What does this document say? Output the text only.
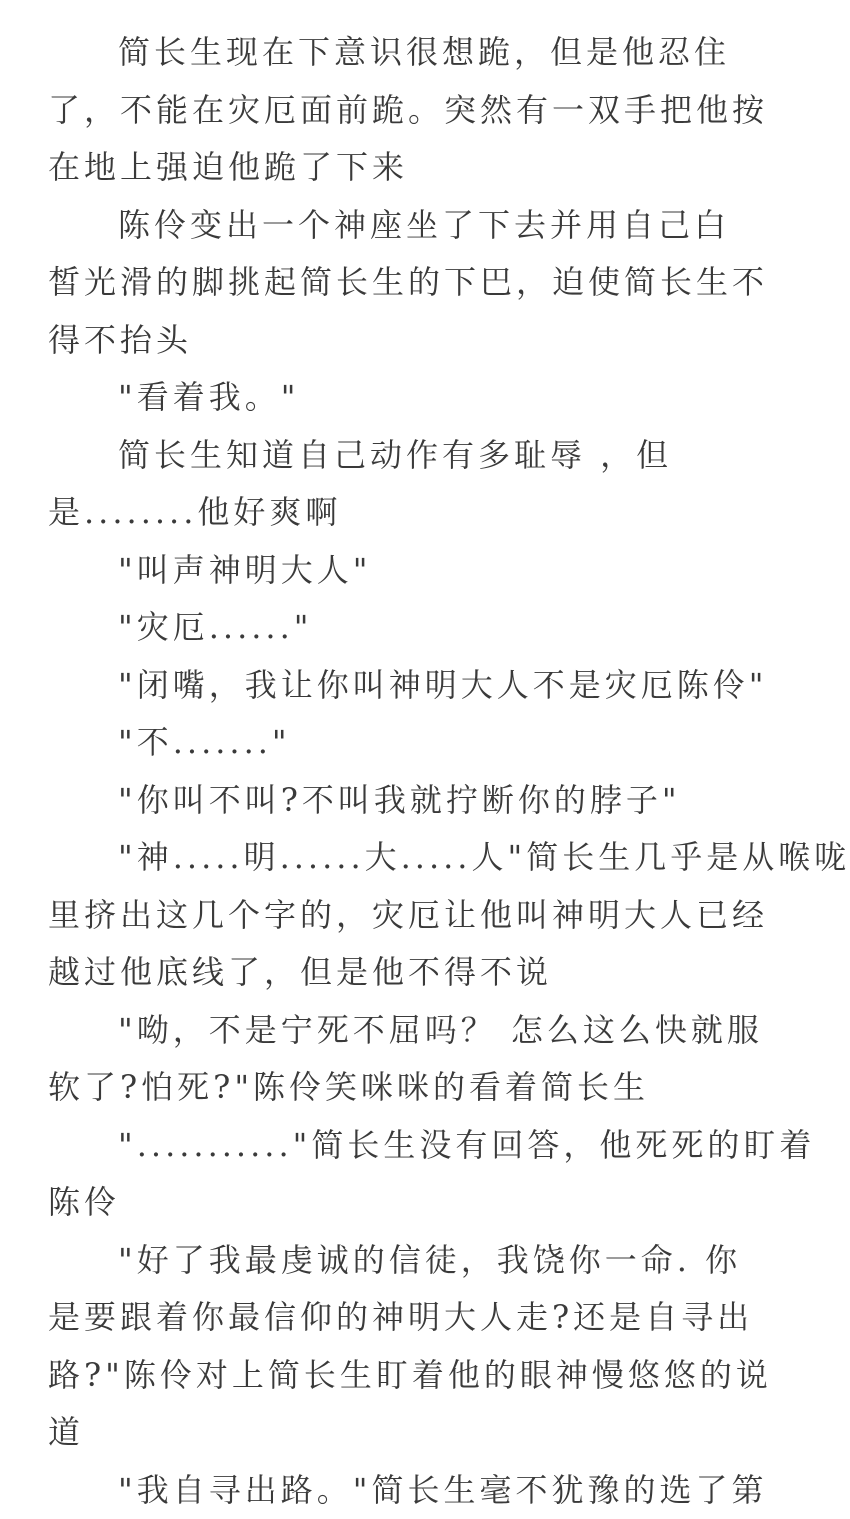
简长生现在下意识很想跪，但是他忍住
了，不能在灾厄面前跪。突然有一双手把他按
在地上强迫他跪了下来
陈伶变出一个神座坐了下去并用自己白
皙光滑的脚挑起简长生的下巴，迫使简长生不
得不抬头
"看着我。"
简长生知道自己动作有多耻辱 ，但
是........他好爽啊
"叫声神明大人"
"灾厄......"
"闭嘴，我让你叫神明大人不是灾厄陈伶"
"不......."
"你叫不叫?不叫我就拧断你的脖子"
"神.....明......大.....人"简长生几乎是从喉咙
里挤出这几个字的，灾厄让他叫神明大人已经
越过他底线了，但是他不得不说
"呦，不是宁死不屈吗？ 怎么这么快就服
软了?怕死?"陈伶笑咪咪的看着简长生
"..........."简长生没有回答，他死死的盯着
陈伶
"好了我最虔诚的信徒，我饶你一命. 你
是要跟着你最信仰的神明大人走?还是自寻出
路?"陈伶对上简长生盯着他的眼神慢悠悠的说
道
"我自寻出路。"简长生毫不犹豫的选了第
